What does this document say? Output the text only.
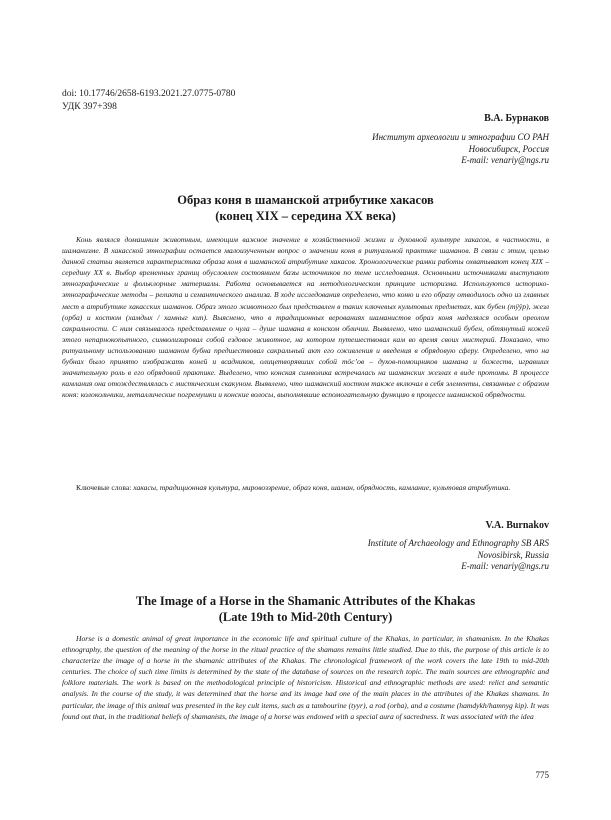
doi: 10.17746/2658-6193.2021.27.0775-0780
УДК 397+398
В.А. Бурнаков
Институт археологии и этнографии СО РАН
Новосибирск, Россия
E-mail: venariy@ngs.ru
Образ коня в шаманской атрибутике хакасов
(конец XIX – середина XX века)

Конь являлся домашним животным, имеющим важное значение в хозяйственной жизни и духовной культуре хакасов, в частности, в шаманизме. В хакасской этнографии остается малоизученным вопрос о значении коня в ритуальной практике шаманов. В связи с этим, целью данной статьи является характеристика образа коня в шаманской атрибутике хакасов. Хронологические рамки работы охватывают конец XIX – середину XX в. Выбор временных границ обусловлен состоянием базы источников по теме исследования. Основными источниками выступают этнографические и фольклорные материалы. Работа основывается на методологическом принципе историзма. Используются историко-этнографические методы – реликта и семантического анализа. В ходе исследования определено, что коню и его образу отводилось одно из главных мест в атрибутике хакасских шаманов. Образ этого животного был представлен в таких ключевых культовых предметах, как бубен (тӱӱр), жезл (орба) и костюм (хамдых / хамныг кип). Выяснено, что в традиционных верованиях шаманистов образ коня наделялся особым ореолом сакральности. С ним связывалось представление о чула – душе шамана в конском обличии. Выявлено, что шаманский бубен, обтянутый кожей этого непарнокопытного, символизировал собой ездовое животное, на котором путешествовал кам во время своих мистерий. Показано, что ритуальному использованию шаманом бубна предшествовал сакральный акт его оживления и введения в обрядовую сферу. Определено, что на бубнах было принято изображать коней и всадников, олицетворявших собой тӧс’ов – духов-помощников шамана и божеств, игравших значительную роль в его обрядовой практике. Выделено, что конская символика встречалась на шаманских жезлах в виде протомы. В процессе камлания она отождествлялась с мистическим скакуном. Выявлено, что шаманский костюм также включал в себя элементы, связанные с образом коня: колокольчики, металлические погремушки и конские волосы, выполнявшие вспомогательную функцию в процессе шаманской обрядности.

Ключевые слова: хакасы, традиционная культура, мировоззрение, образ коня, шаман, обрядность, камлание, культовая атрибутика.

V.A. Burnakov
Institute of Archaeology and Ethnography SB ARS
Novosibirsk, Russia
E-mail: venariy@ngs.ru
The Image of a Horse in the Shamanic Attributes of the Khakas
(Late 19th to Mid-20th Century)

Horse is a domestic animal of great importance in the economic life and spiritual culture of the Khakas, in particular, in shamanism. In the Khakas ethnography, the question of the meaning of the horse in the ritual practice of the shamans remains little studied. Due to this, the purpose of this article is to characterize the image of a horse in the shamanic attributes of the Khakas. The chronological framework of the work covers the late 19th to mid-20th centuries. The choice of such time limits is determined by the state of the database of sources on the research topic. The main sources are ethnographic and folklore materials. The work is based on the methodological principle of historicism. Historical and ethnographic methods are used: relict and semantic analysis. In the course of the study, it was determined that the horse and its image had one of the main places in the attributes of the Khakas shamans. In particular, the image of this animal was presented in the key cult items, such as a tambourine (tyyr), a rod (orba), and a costume (hamdykh/hamnyg kip). It was found out that, in the traditional beliefs of shamanists, the image of a horse was endowed with a special aura of sacredness. It was associated with the idea

775
